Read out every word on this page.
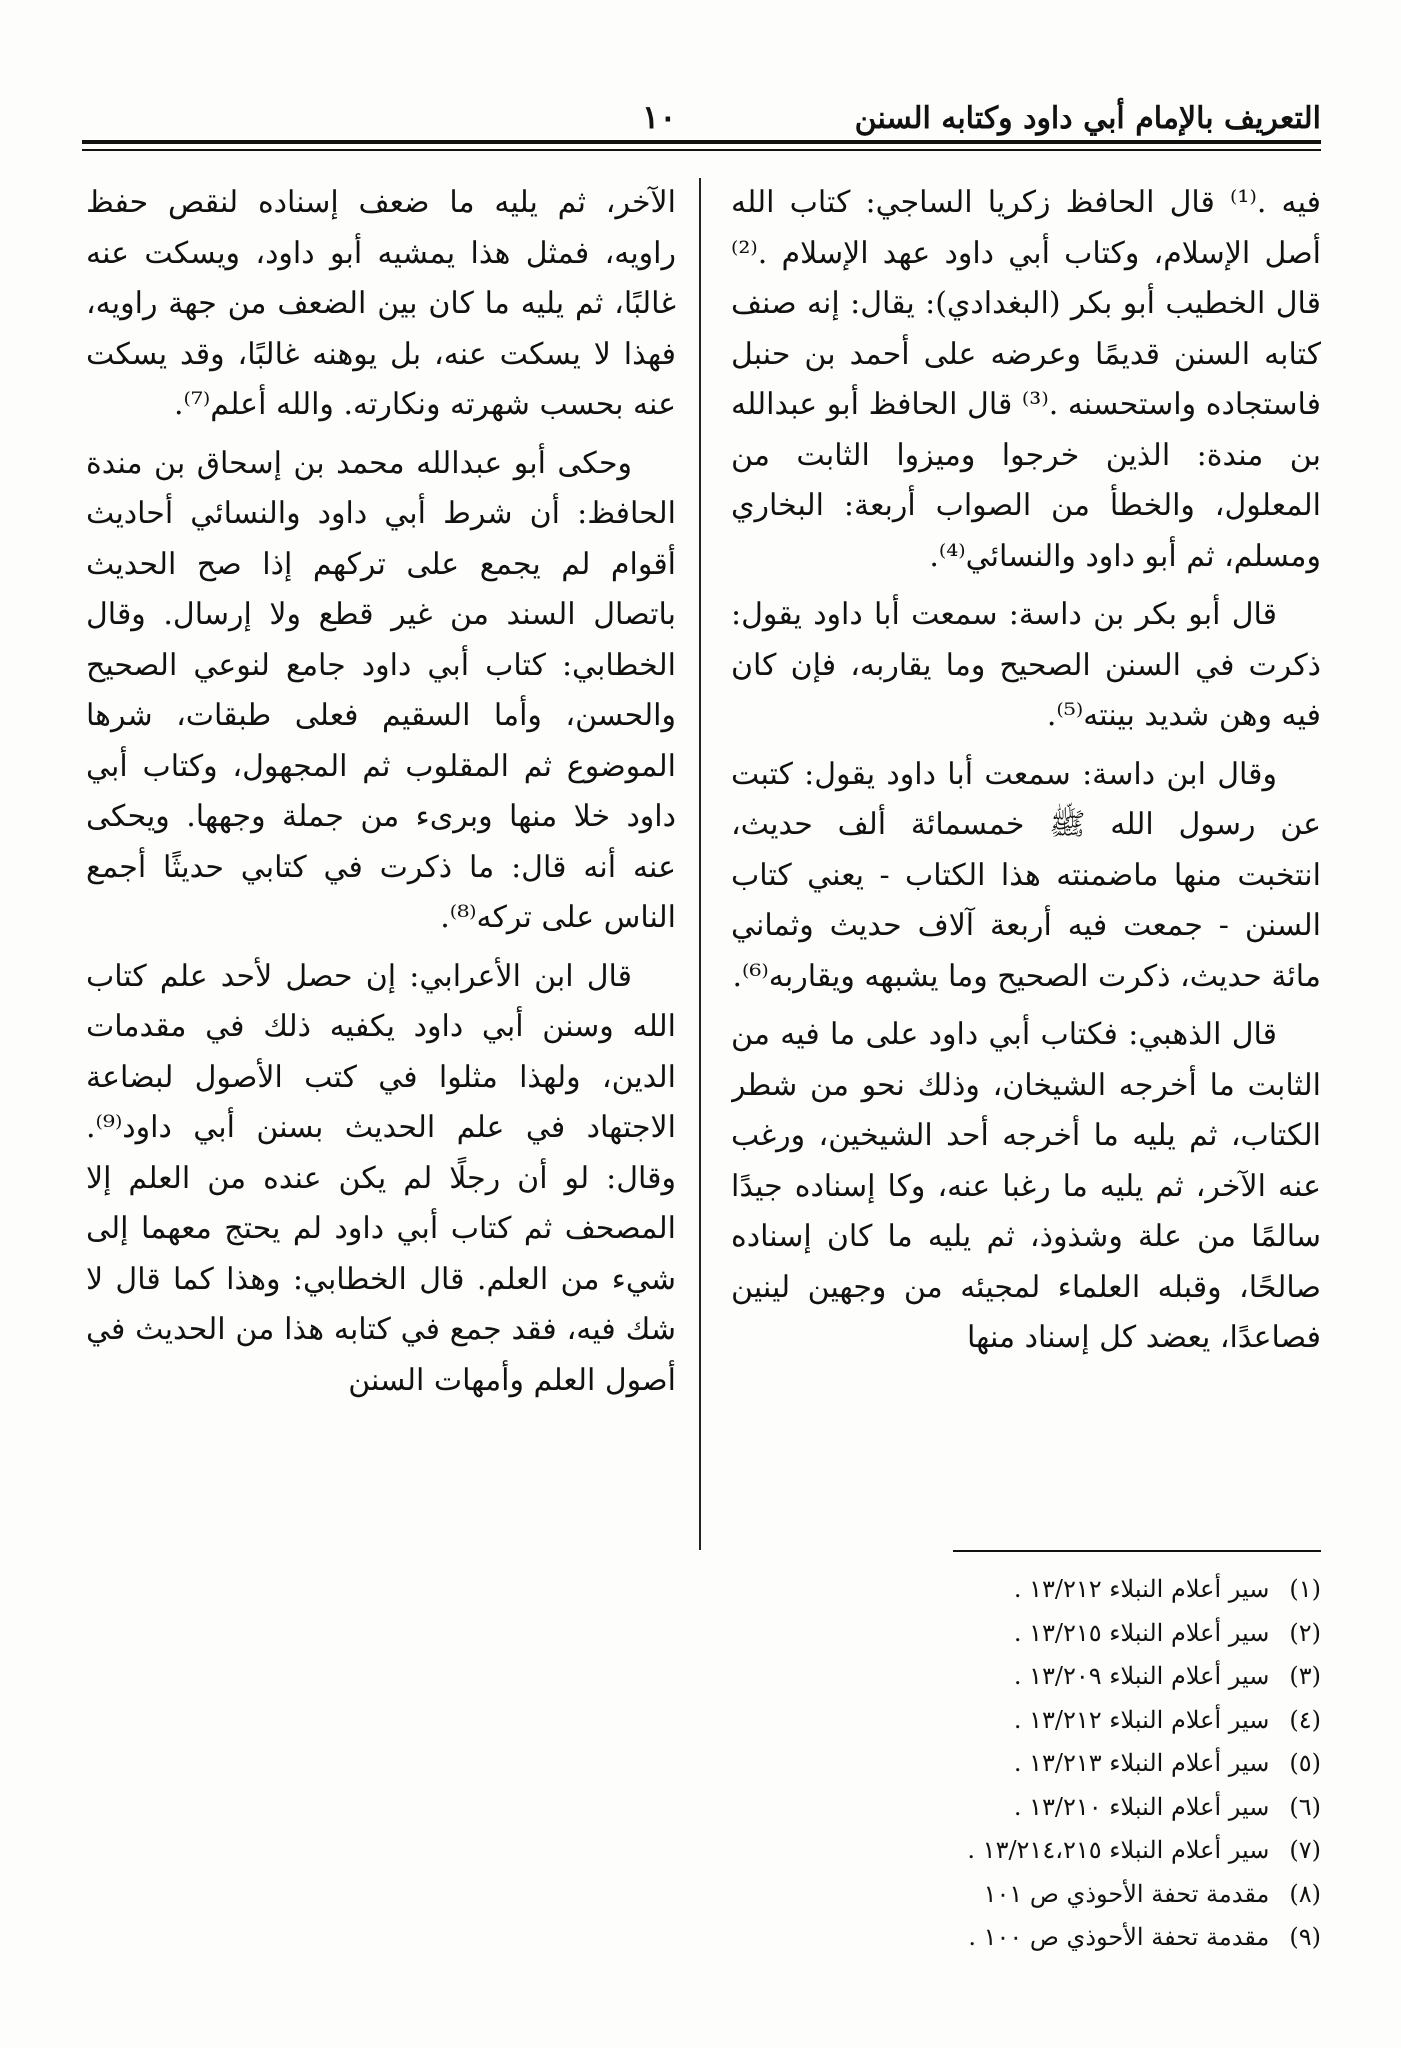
التعريف بالإمام أبي داود وكتابه السنن
١٠

فيه .⁽¹⁾ قال الحافظ زكريا الساجي: كتاب الله أصل الإسلام، وكتاب أبي داود عهد الإسلام .⁽²⁾ قال الخطيب أبو بكر (البغدادي): يقال: إنه صنف كتابه السنن قديمًا وعرضه على أحمد بن حنبل فاستجاده واستحسنه .⁽³⁾ قال الحافظ أبو عبدالله بن مندة: الذين خرجوا وميزوا الثابت من المعلول، والخطأ من الصواب أربعة: البخاري ومسلم، ثم أبو داود والنسائي⁽⁴⁾.

قال أبو بكر بن داسة: سمعت أبا داود يقول: ذكرت في السنن الصحيح وما يقاربه، فإن كان فيه وهن شديد بينته⁽⁵⁾.

وقال ابن داسة: سمعت أبا داود يقول: كتبت عن رسول الله ﷺ خمسمائة ألف حديث، انتخبت منها ماضمنته هذا الكتاب - يعني كتاب السنن - جمعت فيه أربعة آلاف حديث وثماني مائة حديث، ذكرت الصحيح وما يشبهه ويقاربه⁽⁶⁾.

قال الذهبي: فكتاب أبي داود على ما فيه من الثابت ما أخرجه الشيخان، وذلك نحو من شطر الكتاب، ثم يليه ما أخرجه أحد الشيخين، ورغب عنه الآخر، ثم يليه ما رغبا عنه، وكا إسناده جيدًا سالمًا من علة وشذوذ، ثم يليه ما كان إسناده صالحًا، وقبله العلماء لمجيئه من وجهين لينين فصاعدًا، يعضد كل إسناد منها

الآخر، ثم يليه ما ضعف إسناده لنقص حفظ راويه، فمثل هذا يمشيه أبو داود، ويسكت عنه غالبًا، ثم يليه ما كان بين الضعف من جهة راويه، فهذا لا يسكت عنه، بل يوهنه غالبًا، وقد يسكت عنه بحسب شهرته ونكارته. والله أعلم⁽⁷⁾.

وحكى أبو عبدالله محمد بن إسحاق بن مندة الحافظ: أن شرط أبي داود والنسائي أحاديث أقوام لم يجمع على تركهم إذا صح الحديث باتصال السند من غير قطع ولا إرسال. وقال الخطابي: كتاب أبي داود جامع لنوعي الصحيح والحسن، وأما السقيم فعلى طبقات، شرها الموضوع ثم المقلوب ثم المجهول، وكتاب أبي داود خلا منها وبرىء من جملة وجهها. ويحكى عنه أنه قال: ما ذكرت في كتابي حديثًا أجمع الناس على تركه⁽⁸⁾.

قال ابن الأعرابي: إن حصل لأحد علم كتاب الله وسنن أبي داود يكفيه ذلك في مقدمات الدين، ولهذا مثلوا في كتب الأصول لبضاعة الاجتهاد في علم الحديث بسنن أبي داود⁽⁹⁾. وقال: لو أن رجلًا لم يكن عنده من العلم إلا المصحف ثم كتاب أبي داود لم يحتج معهما إلى شيء من العلم. قال الخطابي: وهذا كما قال لا شك فيه، فقد جمع في كتابه هذا من الحديث في أصول العلم وأمهات السنن

(١) سير أعلام النبلاء ١٣/٢١٢ .
(٢) سير أعلام النبلاء ١٣/٢١٥ .
(٣) سير أعلام النبلاء ١٣/٢٠٩ .
(٤) سير أعلام النبلاء ١٣/٢١٢ .
(٥) سير أعلام النبلاء ١٣/٢١٣ .
(٦) سير أعلام النبلاء ١٣/٢١٠ .
(٧) سير أعلام النبلاء ١٣/٢١٤،٢١٥ .
(٨) مقدمة تحفة الأحوذي ص ١٠١
(٩) مقدمة تحفة الأحوذي ص ١٠٠ .
